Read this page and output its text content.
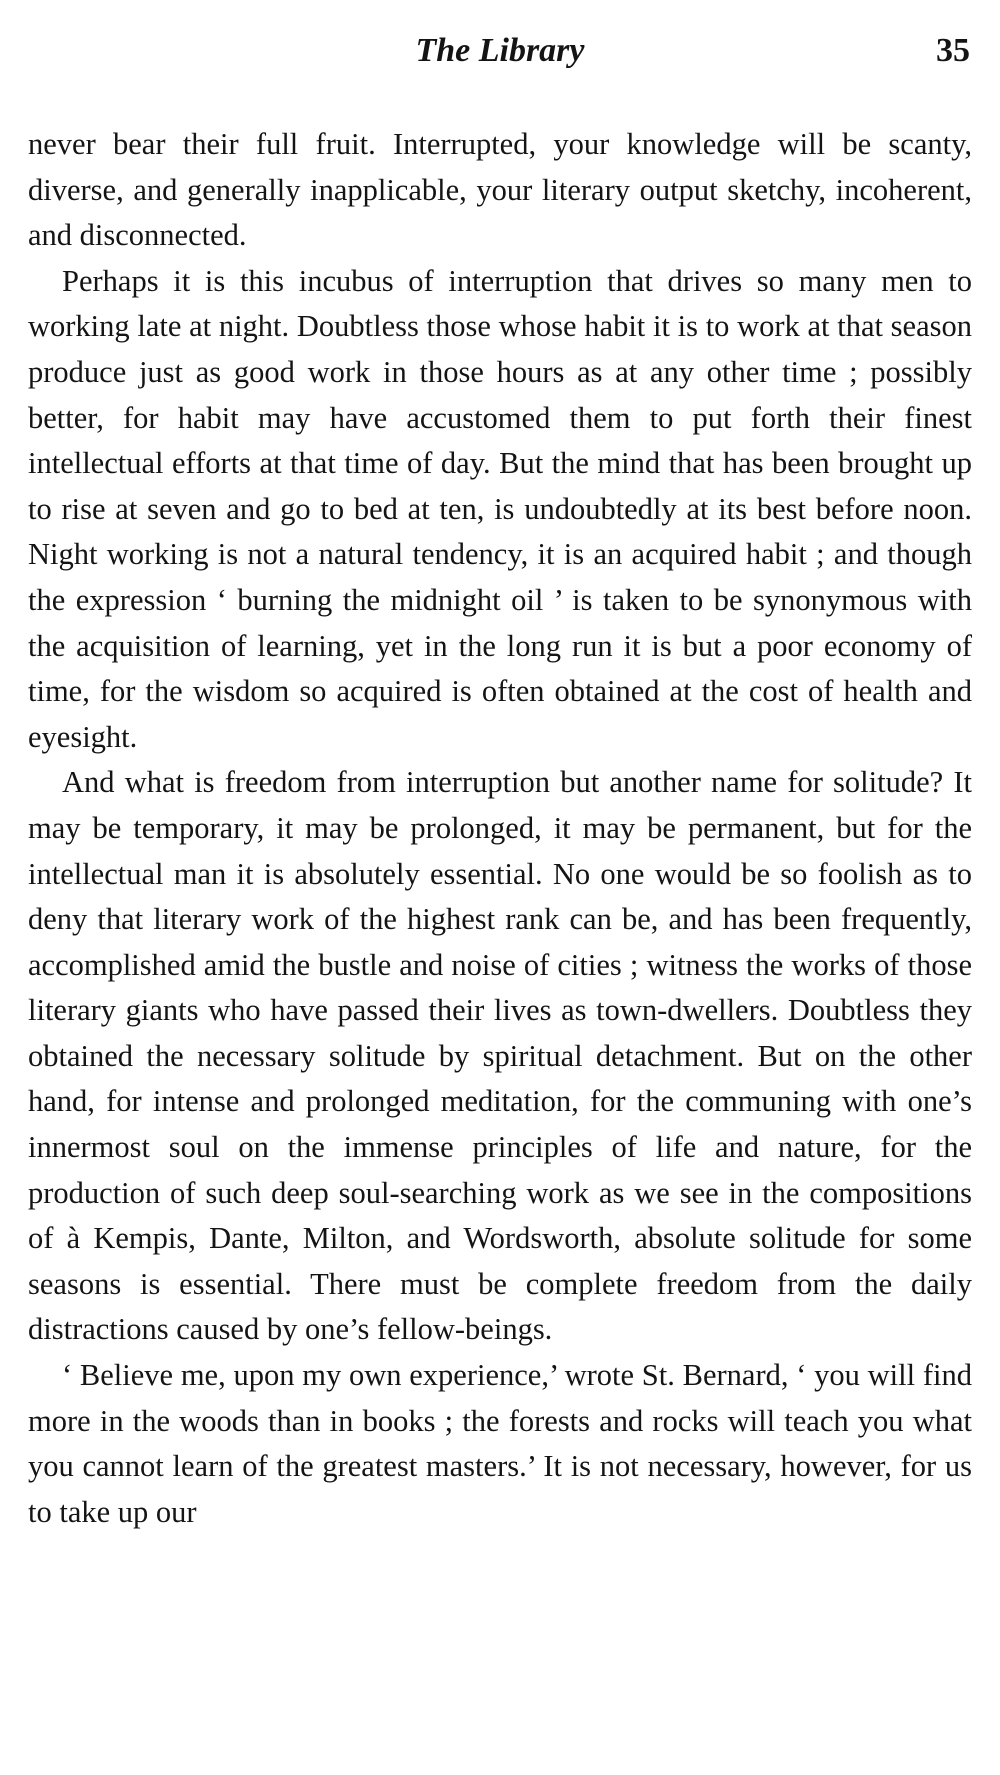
The Library	35

never bear their full fruit. Interrupted, your knowledge will be scanty, diverse, and generally inapplicable, your literary output sketchy, incoherent, and disconnected.

Perhaps it is this incubus of interruption that drives so many men to working late at night. Doubtless those whose habit it is to work at that season produce just as good work in those hours as at any other time ; possibly better, for habit may have accustomed them to put forth their finest intellectual efforts at that time of day. But the mind that has been brought up to rise at seven and go to bed at ten, is undoubtedly at its best before noon. Night working is not a natural tendency, it is an acquired habit ; and though the expression ‘ burning the midnight oil ’ is taken to be synonymous with the acquisition of learning, yet in the long run it is but a poor economy of time, for the wisdom so acquired is often obtained at the cost of health and eyesight.

And what is freedom from interruption but another name for solitude? It may be temporary, it may be prolonged, it may be permanent, but for the intellectual man it is absolutely essential. No one would be so foolish as to deny that literary work of the highest rank can be, and has been frequently, accomplished amid the bustle and noise of cities ; witness the works of those literary giants who have passed their lives as town-dwellers. Doubtless they obtained the necessary solitude by spiritual detachment. But on the other hand, for intense and prolonged meditation, for the communing with one’s innermost soul on the immense principles of life and nature, for the production of such deep soul-searching work as we see in the compositions of à Kempis, Dante, Milton, and Wordsworth, absolute solitude for some seasons is essential. There must be complete freedom from the daily distractions caused by one’s fellow-beings.

‘ Believe me, upon my own experience,’ wrote St. Bernard, ‘ you will find more in the woods than in books ; the forests and rocks will teach you what you cannot learn of the greatest masters.’ It is not necessary, however, for us to take up our
